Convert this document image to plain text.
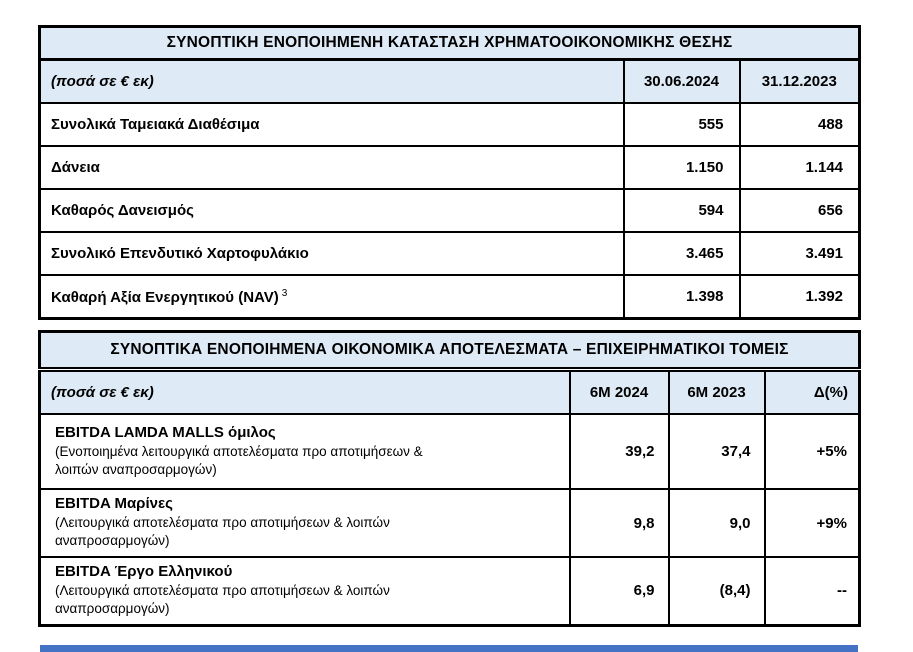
ΣΥΝΟΠΤΙΚΗ ΕΝΟΠΟΙΗΜΕΝΗ ΚΑΤΑΣΤΑΣΗ ΧΡΗΜΑΤΟΟΙΚΟΝΟΜΙΚΗΣ ΘΕΣΗΣ		
(ποσά σε € εκ)	30.06.2024	31.12.2023
Συνολικά Ταμειακά Διαθέσιμα	555	488
Δάνεια	1.150	1.144
Καθαρός Δανεισμός	594	656
Συνολικό Επενδυτικό Χαρτοφυλάκιο	3.465	3.491
Καθαρή Αξία Ενεργητικού (NAV)  $^3$	1.398	1.392
ΣΥΝΟΠΤΙΚΑ ΕΝΟΠΟΙΗΜΕΝΑ ΟΙΚΟΝΟΜΙΚΑ ΑΠΟΤΕΛΕΣΜΑΤΑ – ΕΠΙΧΕΙΡΗΜΑΤΙΚΟΙ ΤΟΜΕΙΣ			
(ποσά σε € εκ)	6M 2024	6M 2023	Δ(%)

EBITDA LAMDA MALLS όμιλος
(Ενοποιημένα λειτουργικά αποτελέσματα προ αποτιμήσεων & λοιπών αναπροσαρμογών)	39,2	37,4	+5%

EBITDA Μαρίνες
(Λειτουργικά αποτελέσματα προ αποτιμήσεων & λοιπών αναπροσαρμογών)	9,8	9,0	+9%

EBITDA Έργο Ελληνικού
(Λειτουργικά αποτελέσματα προ αποτιμήσεων & λοιπών αναπροσαρμογών)	6,9	(8,4)	--
